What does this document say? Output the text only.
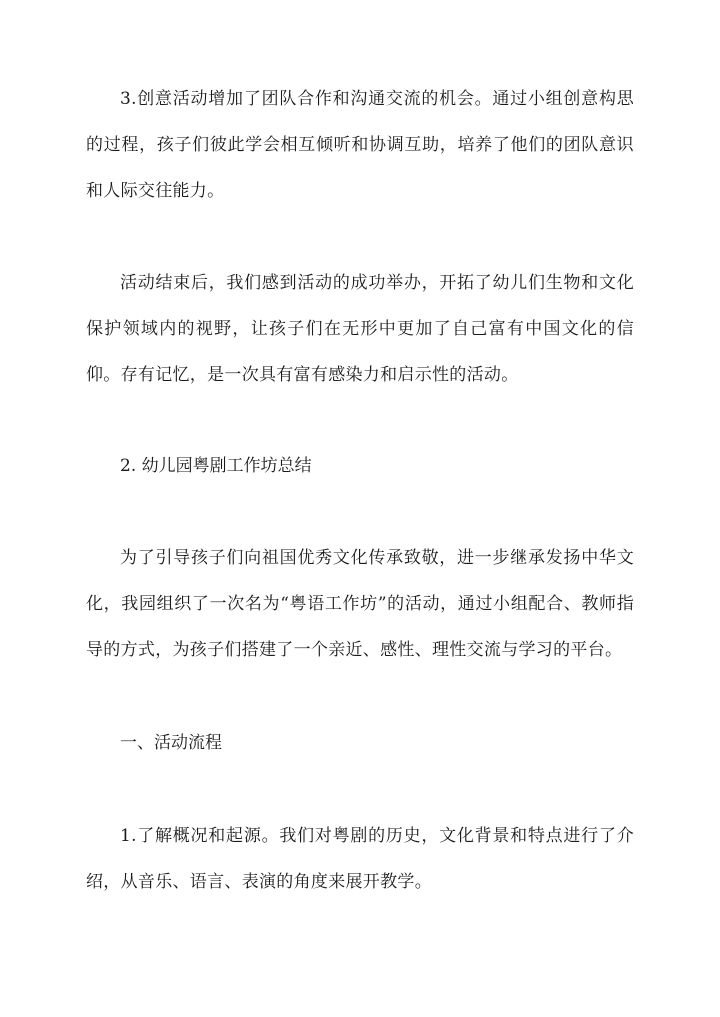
3.创意活动增加了团队合作和沟通交流的机会。通过小组创意构思的过程，孩子们彼此学会相互倾听和协调互助，培养了他们的团队意识和人际交往能力。

活动结束后，我们感到活动的成功举办，开拓了幼儿们生物和文化保护领域内的视野，让孩子们在无形中更加了自己富有中国文化的信仰。存有记忆，是一次具有富有感染力和启示性的活动。

2. 幼儿园粤剧工作坊总结

为了引导孩子们向祖国优秀文化传承致敬，进一步继承发扬中华文化，我园组织了一次名为“粤语工作坊”的活动，通过小组配合、教师指导的方式，为孩子们搭建了一个亲近、感性、理性交流与学习的平台。

一、活动流程

1.了解概况和起源。我们对粤剧的历史，文化背景和特点进行了介绍，从音乐、语言、表演的角度来展开教学。
